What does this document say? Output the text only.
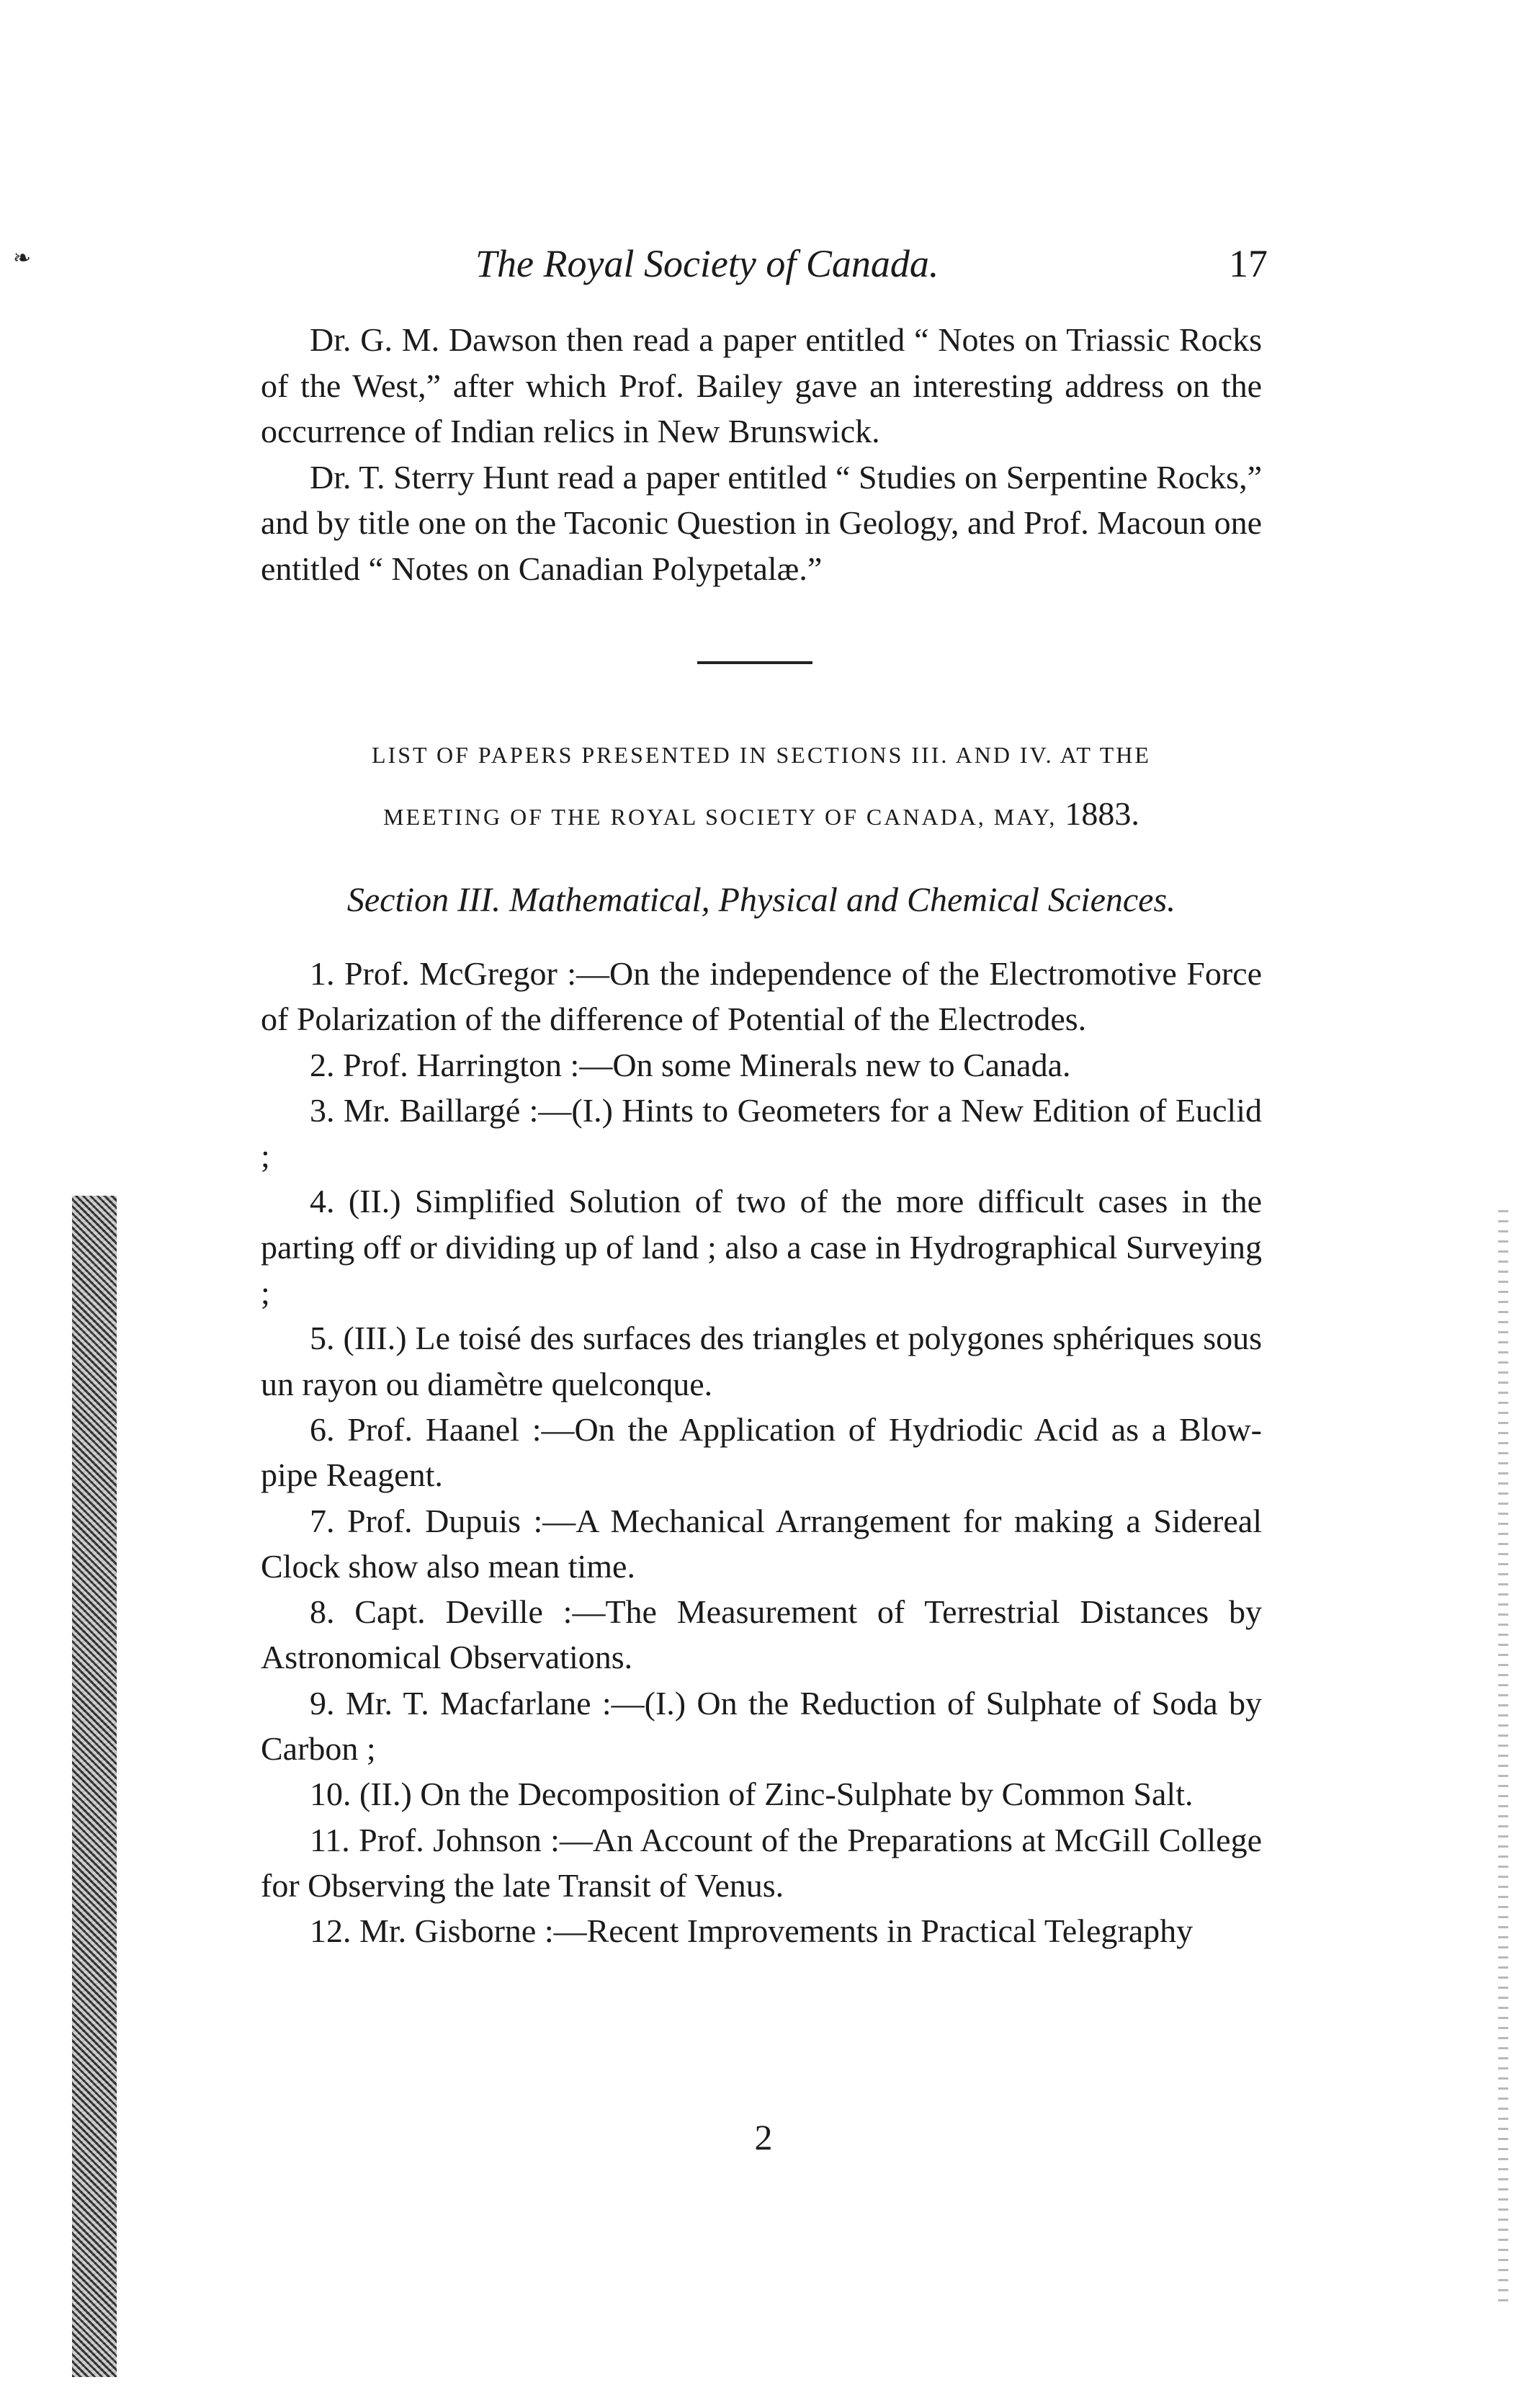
❧	The Royal Society of Canada.	17

Dr. G. M. Dawson then read a paper entitled “ Notes on Triassic Rocks of the West,” after which Prof. Bailey gave an interesting address on the occurrence of Indian relics in New Brunswick.

Dr. T. Sterry Hunt read a paper entitled “ Studies on Serpentine Rocks,” and by title one on the Taconic Question in Geology, and Prof. Macoun one entitled “ Notes on Canadian Polypetalæ.”

LIST OF PAPERS PRESENTED IN SECTIONS III. AND IV. AT THE
MEETING OF THE ROYAL SOCIETY OF CANADA, MAY, 1883.
Section III. Mathematical, Physical and Chemical Sciences.

1. Prof. McGregor :—On the independence of the Electromotive Force of Polarization of the difference of Potential of the Electrodes.

2. Prof. Harrington :—On some Minerals new to Canada.

3. Mr. Baillargé :—(I.) Hints to Geometers for a New Edition of Euclid ;

4. (II.) Simplified Solution of two of the more difficult cases in the parting off or dividing up of land ; also a case in Hydrographical Surveying ;

5. (III.) Le toisé des surfaces des triangles et polygones sphériques sous un rayon ou diamètre quelconque.

6. Prof. Haanel :—On the Application of Hydriodic Acid as a Blow-pipe Reagent.

7. Prof. Dupuis :—A Mechanical Arrangement for making a Sidereal Clock show also mean time.

8. Capt. Deville :—The Measurement of Terrestrial Distances by Astronomical Observations.

9. Mr. T. Macfarlane :—(I.) On the Reduction of Sulphate of Soda by Carbon ;

10. (II.) On the Decomposition of Zinc-Sulphate by Common Salt.

11. Prof. Johnson :—An Account of the Preparations at McGill College for Observing the late Transit of Venus.

12. Mr. Gisborne :—Recent Improvements in Practical Telegraphy

2
